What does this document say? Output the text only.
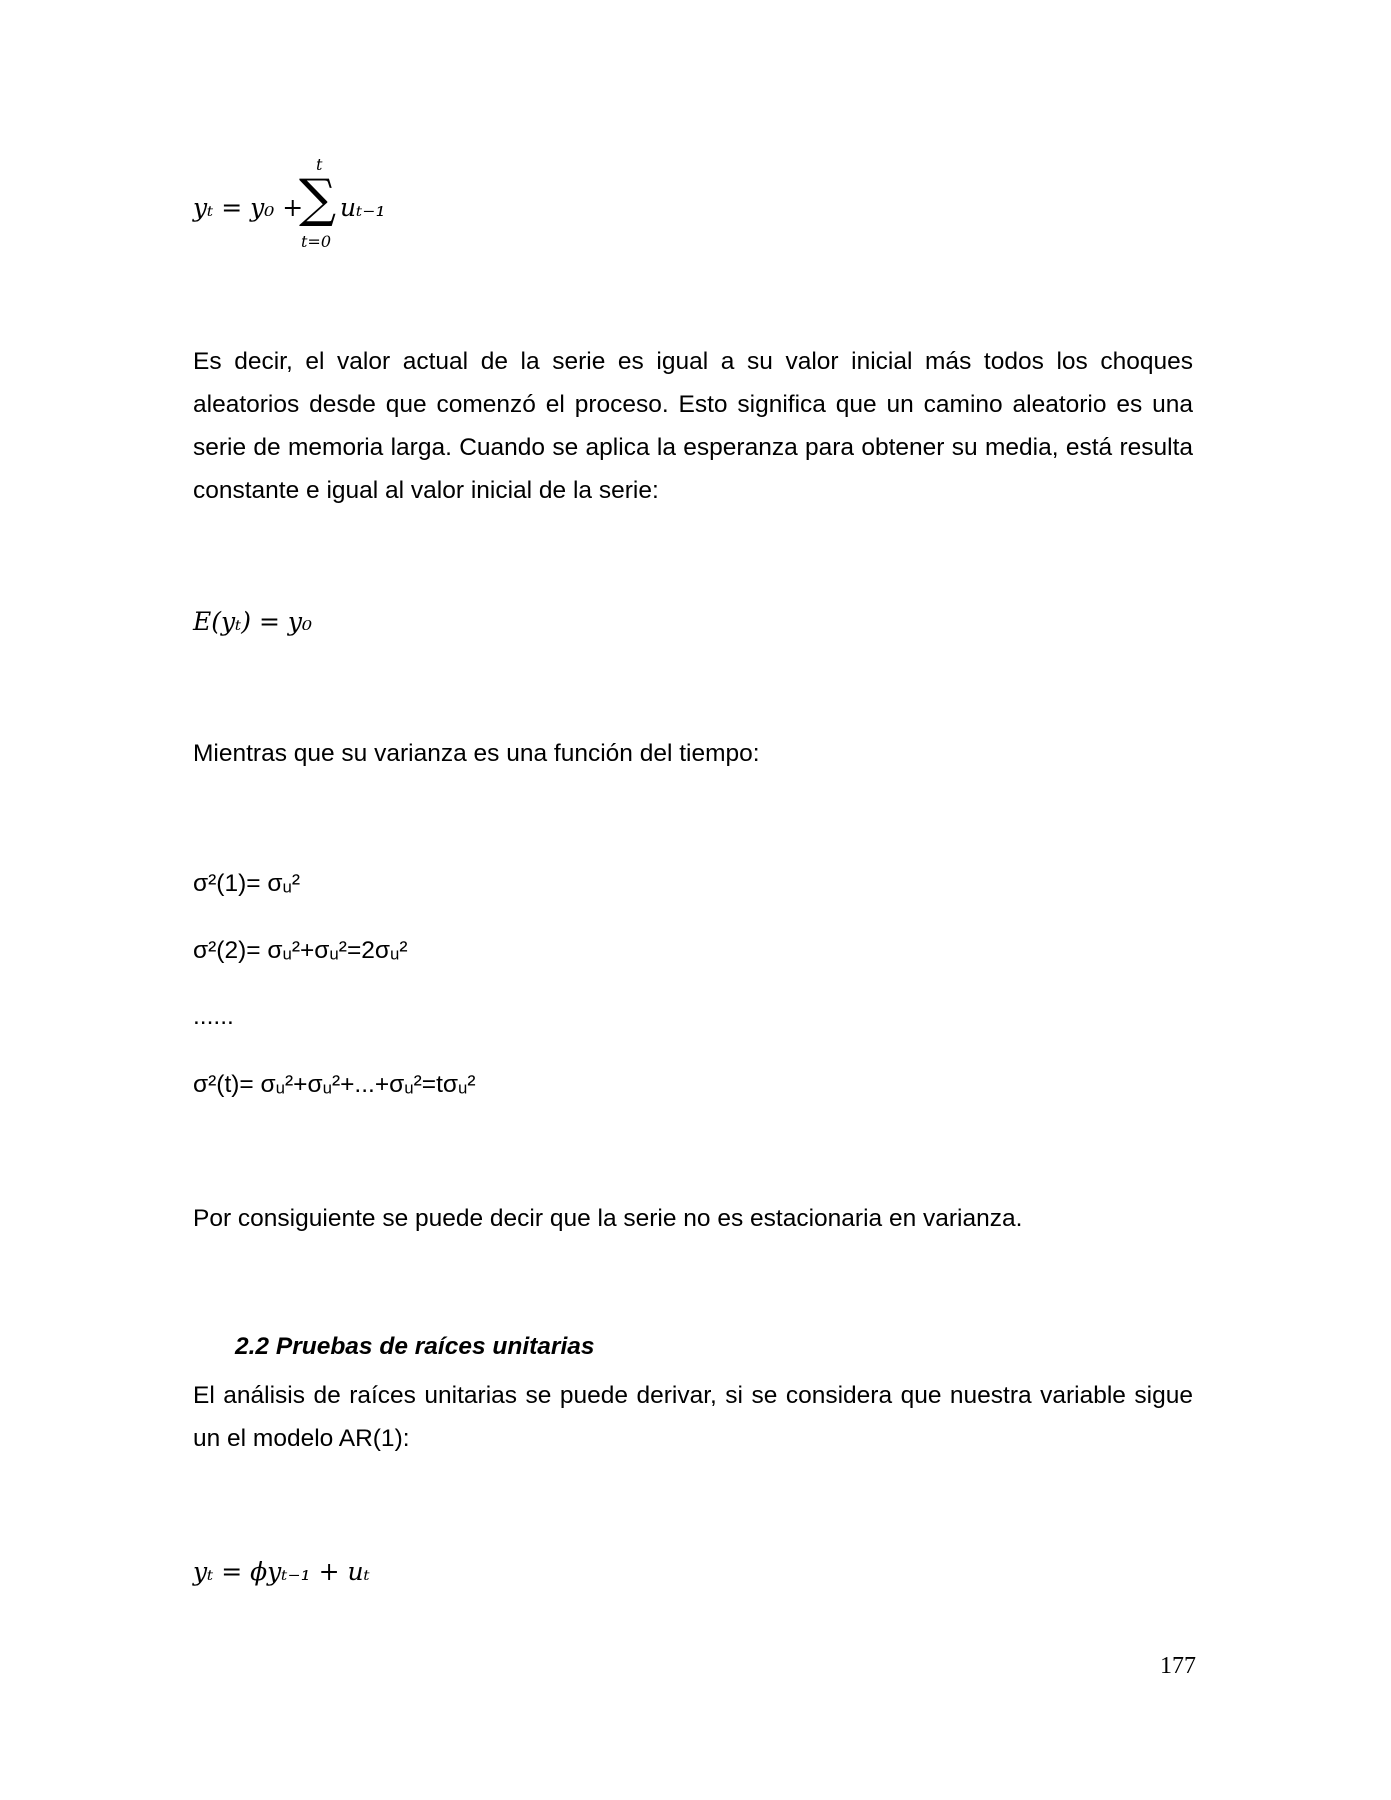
yₜ = y₀ +
t
∑
t=0
uₜ₋₁

Es decir, el valor actual de la serie es igual a su valor inicial más todos los choques aleatorios desde que comenzó el proceso. Esto significa que un camino aleatorio es una serie de memoria larga. Cuando se aplica la esperanza para obtener su media, está resulta constante e igual al valor inicial de la serie:

E(yₜ) = y₀

Mientras que su varianza es una función del tiempo:

σ²(1)= σᵤ²

σ²(2)= σᵤ²+σᵤ²=2σᵤ²

......

σ²(t)= σᵤ²+σᵤ²+...+σᵤ²=tσᵤ²

Por consiguiente se puede decir que la serie no es estacionaria en varianza.

2.2 Pruebas de raíces unitarias

El análisis de raíces unitarias se puede derivar, si se considera que nuestra variable sigue un el modelo AR(1):

yₜ = ϕyₜ₋₁ + uₜ
177
